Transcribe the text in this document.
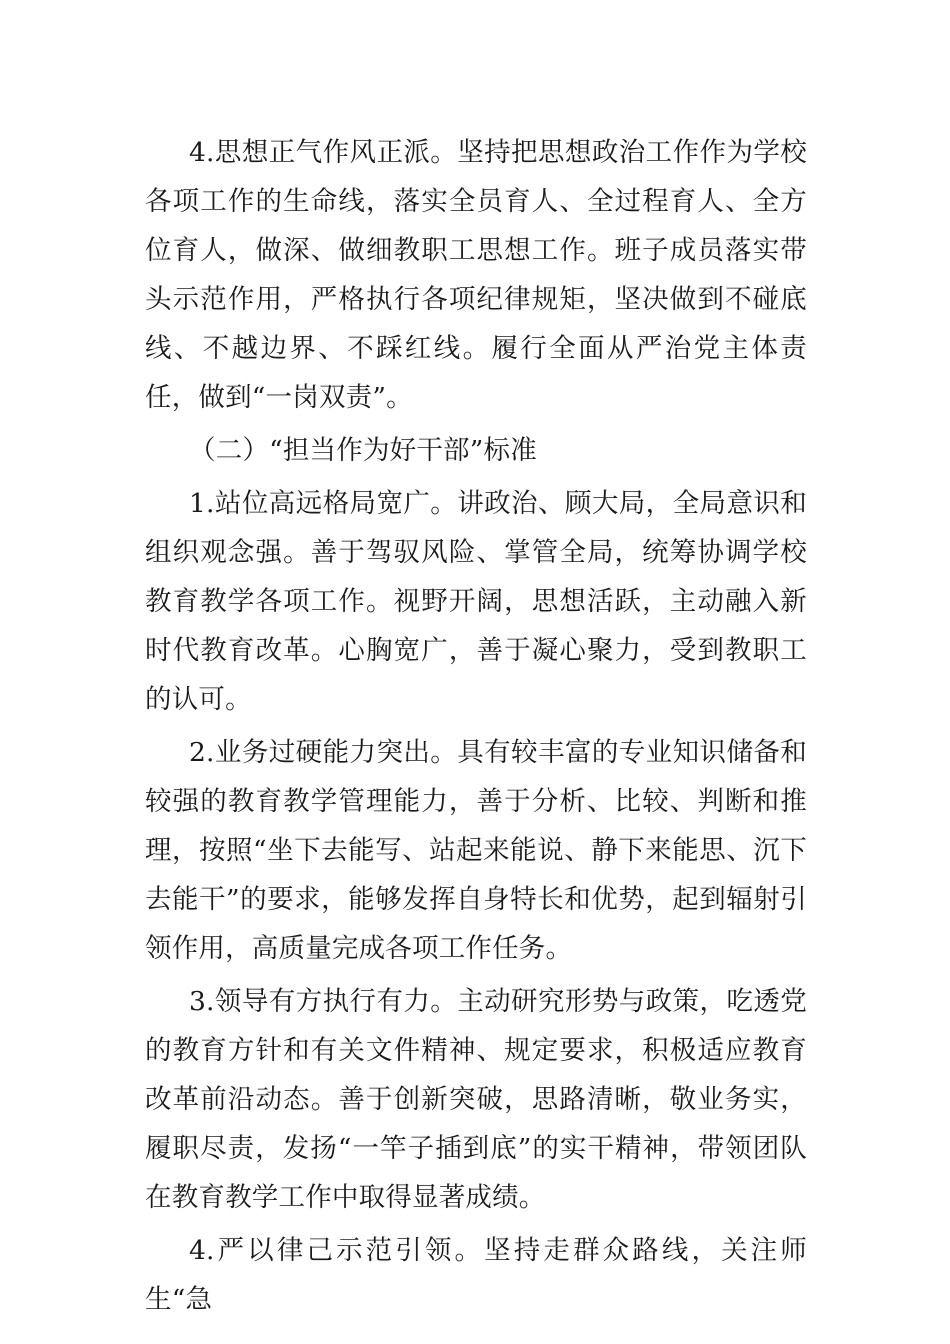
4.思想正气作风正派。坚持把思想政治工作作为学校各项工作的生命线，落实全员育人、全过程育人、全方位育人，做深、做细教职工思想工作。班子成员落实带头示范作用，严格执行各项纪律规矩，坚决做到不碰底线、不越边界、不踩红线。履行全面从严治党主体责任，做到“一岗双责”。

（二）“担当作为好干部”标准

1.站位高远格局宽广。讲政治、顾大局，全局意识和组织观念强。善于驾驭风险、掌管全局，统筹协调学校教育教学各项工作。视野开阔，思想活跃，主动融入新时代教育改革。心胸宽广，善于凝心聚力，受到教职工的认可。

2.业务过硬能力突出。具有较丰富的专业知识储备和较强的教育教学管理能力，善于分析、比较、判断和推理，按照“坐下去能写、站起来能说、静下来能思、沉下去能干”的要求，能够发挥自身特长和优势，起到辐射引领作用，高质量完成各项工作任务。

3.领导有方执行有力。主动研究形势与政策，吃透党的教育方针和有关文件精神、规定要求，积极适应教育改革前沿动态。善于创新突破，思路清晰，敬业务实，履职尽责，发扬“一竿子插到底”的实干精神，带领团队在教育教学工作中取得显著成绩。

4.严以律己示范引领。坚持走群众路线，关注师生“急
